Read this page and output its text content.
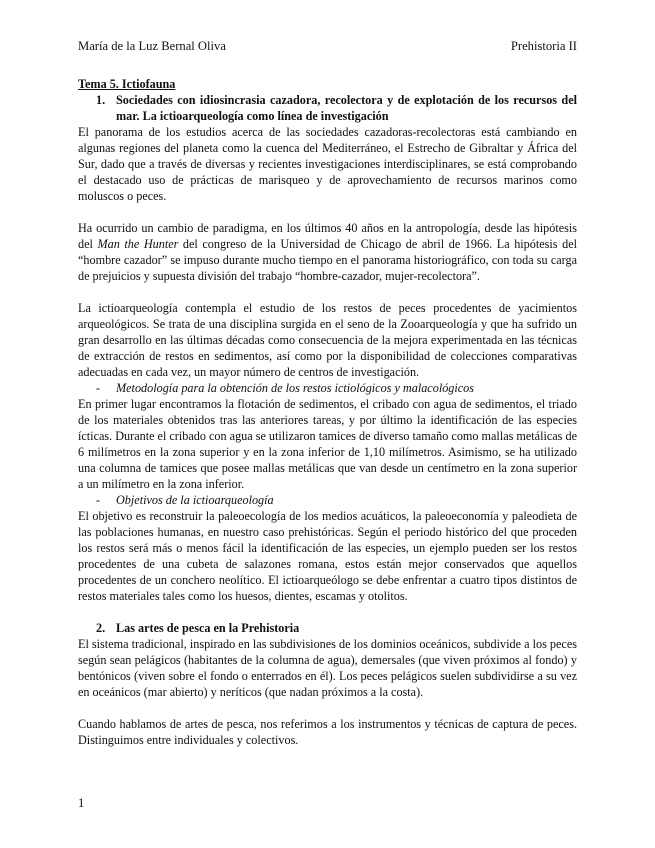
María de la Luz Bernal Oliva	Prehistoria II

Tema 5. Ictiofauna

1. Sociedades con idiosincrasia cazadora, recolectora y de explotación de los recursos del mar. La ictioarqueología como línea de investigación

El panorama de los estudios acerca de las sociedades cazadoras-recolectoras está cambiando en algunas regiones del planeta como la cuenca del Mediterráneo, el Estrecho de Gibraltar y África del Sur, dado que a través de diversas y recientes investigaciones interdisciplinares, se está comprobando el destacado uso de prácticas de marisqueo y de aprovechamiento de recursos marinos como moluscos o peces.

Ha ocurrido un cambio de paradigma, en los últimos 40 años en la antropología, desde las hipótesis del Man the Hunter del congreso de la Universidad de Chicago de abril de 1966. La hipótesis del “hombre cazador” se impuso durante mucho tiempo en el panorama historiográfico, con toda su carga de prejuicios y supuesta división del trabajo “hombre-cazador, mujer-recolectora”.

La ictioarqueología contempla el estudio de los restos de peces procedentes de yacimientos arqueológicos. Se trata de una disciplina surgida en el seno de la Zooarqueología y que ha sufrido un gran desarrollo en las últimas décadas como consecuencia de la mejora experimentada en las técnicas de extracción de restos en sedimentos, así como por la disponibilidad de colecciones comparativas adecuadas en cada vez, un mayor número de centros de investigación.

-	Metodología para la obtención de los restos ictiológicos y malacológicos

En primer lugar encontramos la flotación de sedimentos, el cribado con agua de sedimentos, el triado de los materiales obtenidos tras las anteriores tareas, y por último la identificación de las especies ícticas. Durante el cribado con agua se utilizaron tamices de diverso tamaño como mallas metálicas de 6 milímetros en la zona superior y en la zona inferior de 1,10 milímetros. Asimismo, se ha utilizado una columna de tamices que posee mallas metálicas que van desde un centímetro en la zona superior a un milímetro en la zona inferior.

-	Objetivos de la ictioarqueología

El objetivo es reconstruir la paleoecología de los medios acuáticos, la paleoeconomía y paleodieta de las poblaciones humanas, en nuestro caso prehistóricas. Según el periodo histórico del que proceden los restos será más o menos fácil la identificación de las especies, un ejemplo pueden ser los restos procedentes de una cubeta de salazones romana, estos están mejor conservados que aquellos procedentes de un conchero neolítico. El ictioarqueólogo se debe enfrentar a cuatro tipos distintos de restos materiales tales como los huesos, dientes, escamas y otolitos.

2. Las artes de pesca en la Prehistoria

El sistema tradicional, inspirado en las subdivisiones de los dominios oceánicos, subdivide a los peces según sean pelágicos (habitantes de la columna de agua), demersales (que viven próximos al fondo) y bentónicos (viven sobre el fondo o enterrados en él). Los peces pelágicos suelen subdividirse a su vez en oceánicos (mar abierto) y neríticos (que nadan próximos a la costa).

Cuando hablamos de artes de pesca, nos referimos a los instrumentos y técnicas de captura de peces. Distinguimos entre individuales y colectivos.

1
